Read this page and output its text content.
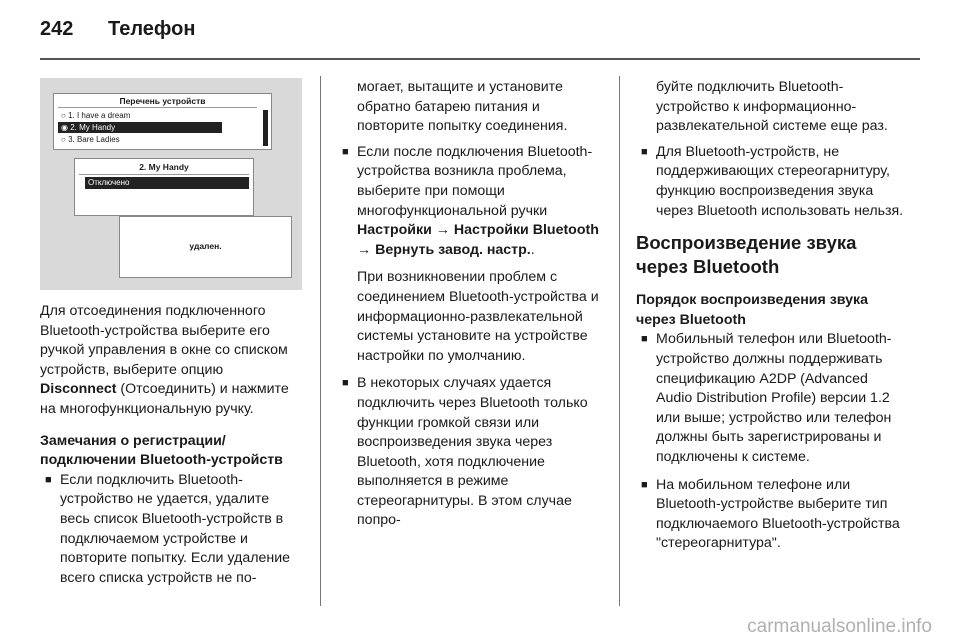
242 Телефон
Перечень устройств
○ 1. I have a dream
◉ 2. My Handy
○ 3. Bare Ladies
2. My Handy
Отключено
удален.

Для отсоединения подключенного Bluetooth-устройства выберите его ручкой управления в окне со списком устройств, выберите опцию Disconnect (Отсоединить) и нажмите на многофункциональную ручку.

Замечания о регистрации/подключении Bluetooth-устройств

■ Если подключить Bluetooth-устройство не удается, удалите весь список Bluetooth-устройств в подключаемом устройстве и повторите попытку. Если удаление всего списка устройств не по-

могает, вытащите и установите обратно батарею питания и повторите попытку соединения.

■ Если после подключения Bluetooth-устройства возникла проблема, выберите при помощи многофункциональной ручки Настройки → Настройки Bluetooth → Вернуть завод. настр..

При возникновении проблем с соединением Bluetooth-устройства и информационно-развлекательной системы установите на устройстве настройки по умолчанию.

■ В некоторых случаях удается подключить через Bluetooth только функции громкой связи или воспроизведения звука через Bluetooth, хотя подключение выполняется в режиме стереогарнитуры. В этом случае попро-

буйте подключить Bluetooth-устройство к информационно-развлекательной системе еще раз.

■ Для Bluetooth-устройств, не поддерживающих стереогарнитуру, функцию воспроизведения звука через Bluetooth использовать нельзя.

Воспроизведение звука через Bluetooth

Порядок воспроизведения звука через Bluetooth

■ Мобильный телефон или Bluetooth-устройство должны поддерживать спецификацию A2DP (Advanced Audio Distribution Profile) версии 1.2 или выше; устройство или телефон должны быть зарегистрированы и подключены к системе.
■ На мобильном телефоне или Bluetooth-устройстве выберите тип подключаемого Bluetooth-устройства "стереогарнитура".
carmanualsonline.info
